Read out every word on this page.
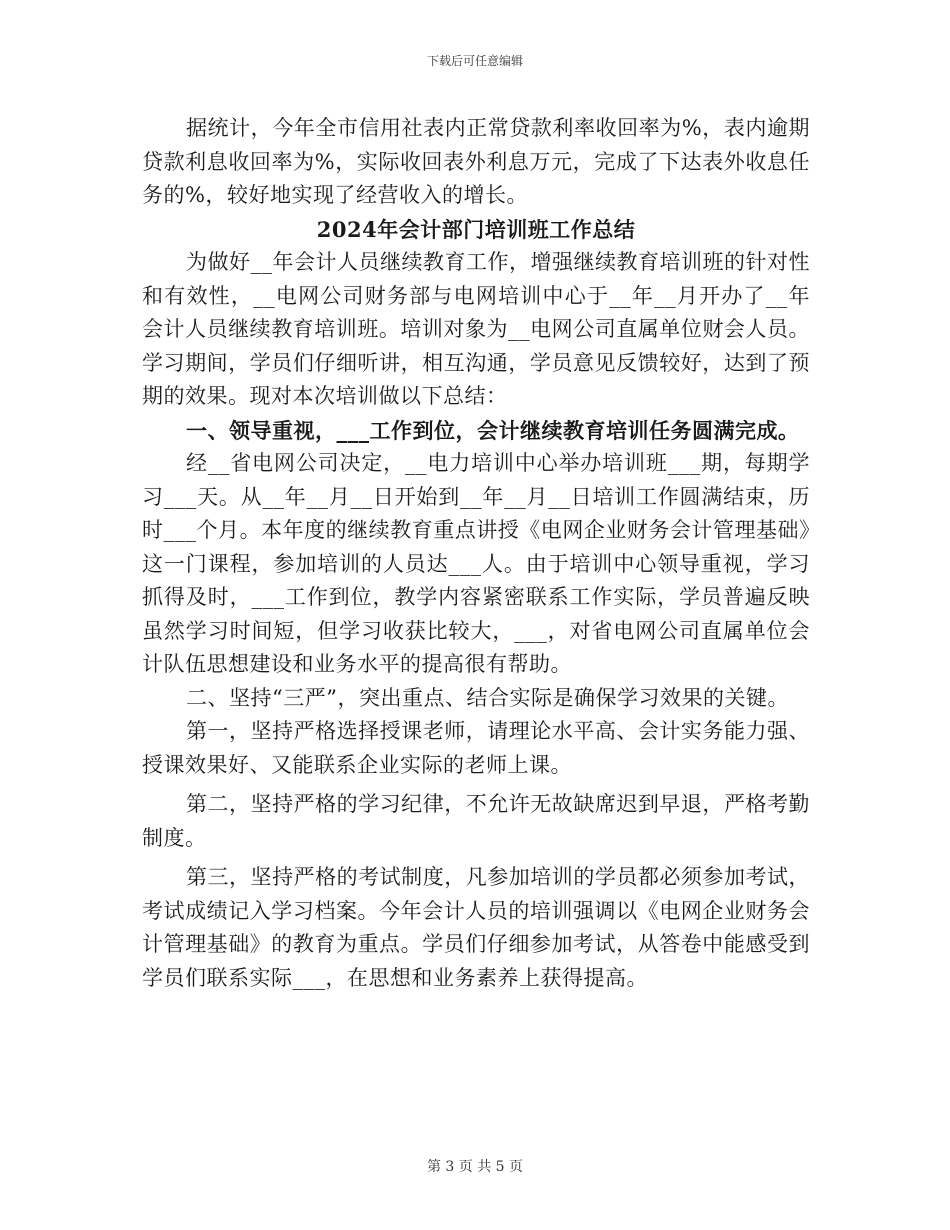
下载后可任意编辑

据统计，今年全市信用社表内正常贷款利率收回率为%，表内逾期贷款利息收回率为%，实际收回表外利息万元，完成了下达表外收息任务的%，较好地实现了经营收入的增长。

2024年会计部门培训班工作总结

为做好__年会计人员继续教育工作，增强继续教育培训班的针对性和有效性，__电网公司财务部与电网培训中心于__年__月开办了__年会计人员继续教育培训班。培训对象为__电网公司直属单位财会人员。学习期间，学员们仔细听讲，相互沟通，学员意见反馈较好，达到了预期的效果。现对本次培训做以下总结：

一、领导重视，___工作到位，会计继续教育培训任务圆满完成。

经__省电网公司决定，__电力培训中心举办培训班___期，每期学习___天。从__年__月__日开始到__年__月__日培训工作圆满结束，历时___个月。本年度的继续教育重点讲授《电网企业财务会计管理基础》这一门课程，参加培训的人员达___人。由于培训中心领导重视，学习抓得及时，___工作到位，教学内容紧密联系工作实际，学员普遍反映虽然学习时间短，但学习收获比较大，___，对省电网公司直属单位会计队伍思想建设和业务水平的提高很有帮助。

二、坚持“三严”，突出重点、结合实际是确保学习效果的关键。

第一，坚持严格选择授课老师，请理论水平高、会计实务能力强、授课效果好、又能联系企业实际的老师上课。

第二，坚持严格的学习纪律，不允许无故缺席迟到早退，严格考勤制度。

第三，坚持严格的考试制度，凡参加培训的学员都必须参加考试，考试成绩记入学习档案。今年会计人员的培训强调以《电网企业财务会计管理基础》的教育为重点。学员们仔细参加考试，从答卷中能感受到学员们联系实际___，在思想和业务素养上获得提高。

第 3 页 共 5 页
